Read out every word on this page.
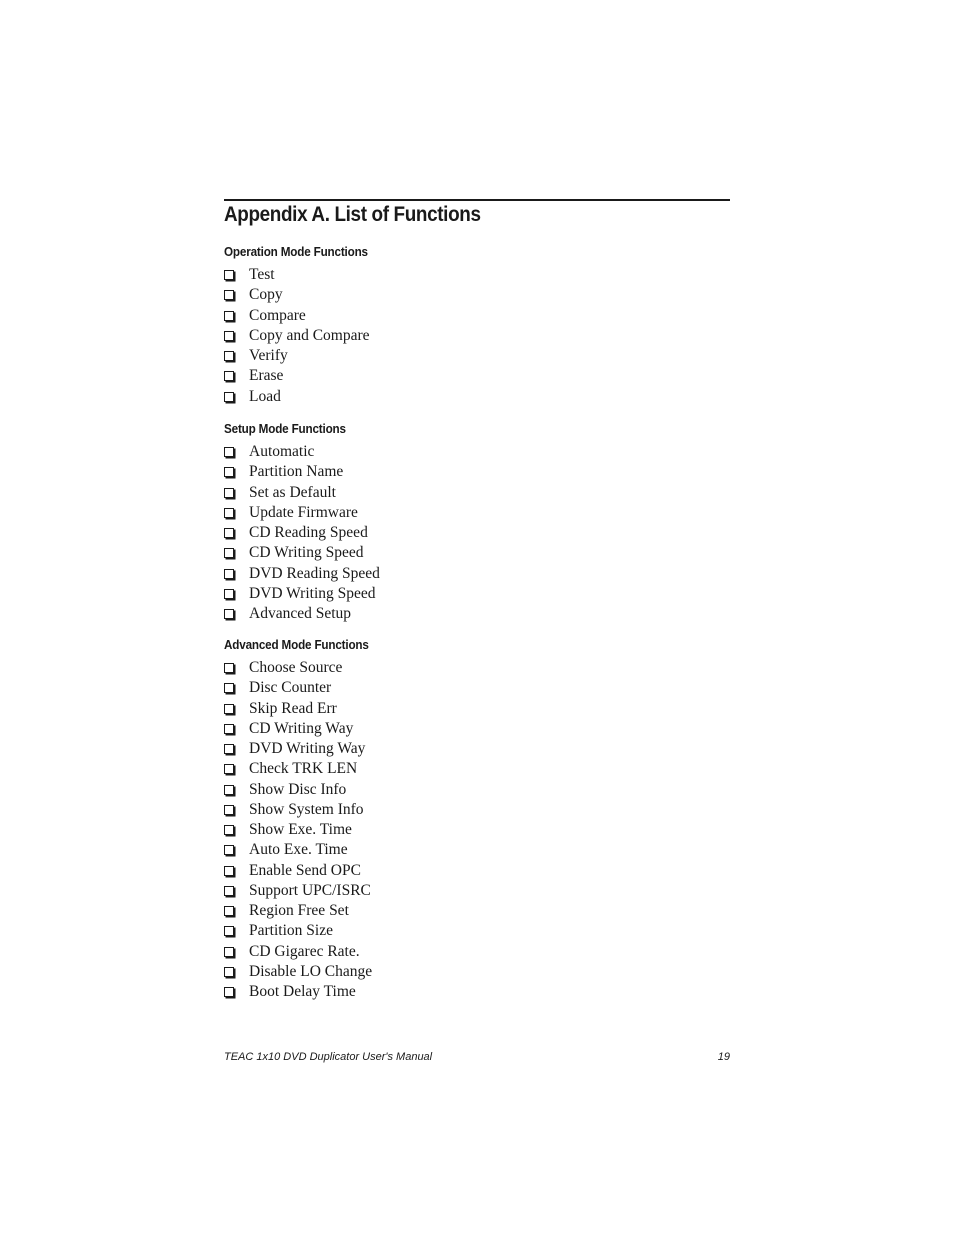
Appendix A. List of Functions
Operation Mode Functions
Test
Copy
Compare
Copy and Compare
Verify
Erase
Load
Setup Mode Functions
Automatic
Partition Name
Set as Default
Update Firmware
CD Reading Speed
CD Writing Speed
DVD Reading Speed
DVD Writing Speed
Advanced Setup
Advanced Mode Functions
Choose Source
Disc Counter
Skip Read Err
CD Writing Way
DVD Writing Way
Check TRK LEN
Show Disc Info
Show System Info
Show Exe. Time
Auto Exe. Time
Enable Send OPC
Support UPC/ISRC
Region Free Set
Partition Size
CD Gigarec Rate.
Disable LO Change
Boot Delay Time
TEAC 1x10 DVD Duplicator User's Manual	19
